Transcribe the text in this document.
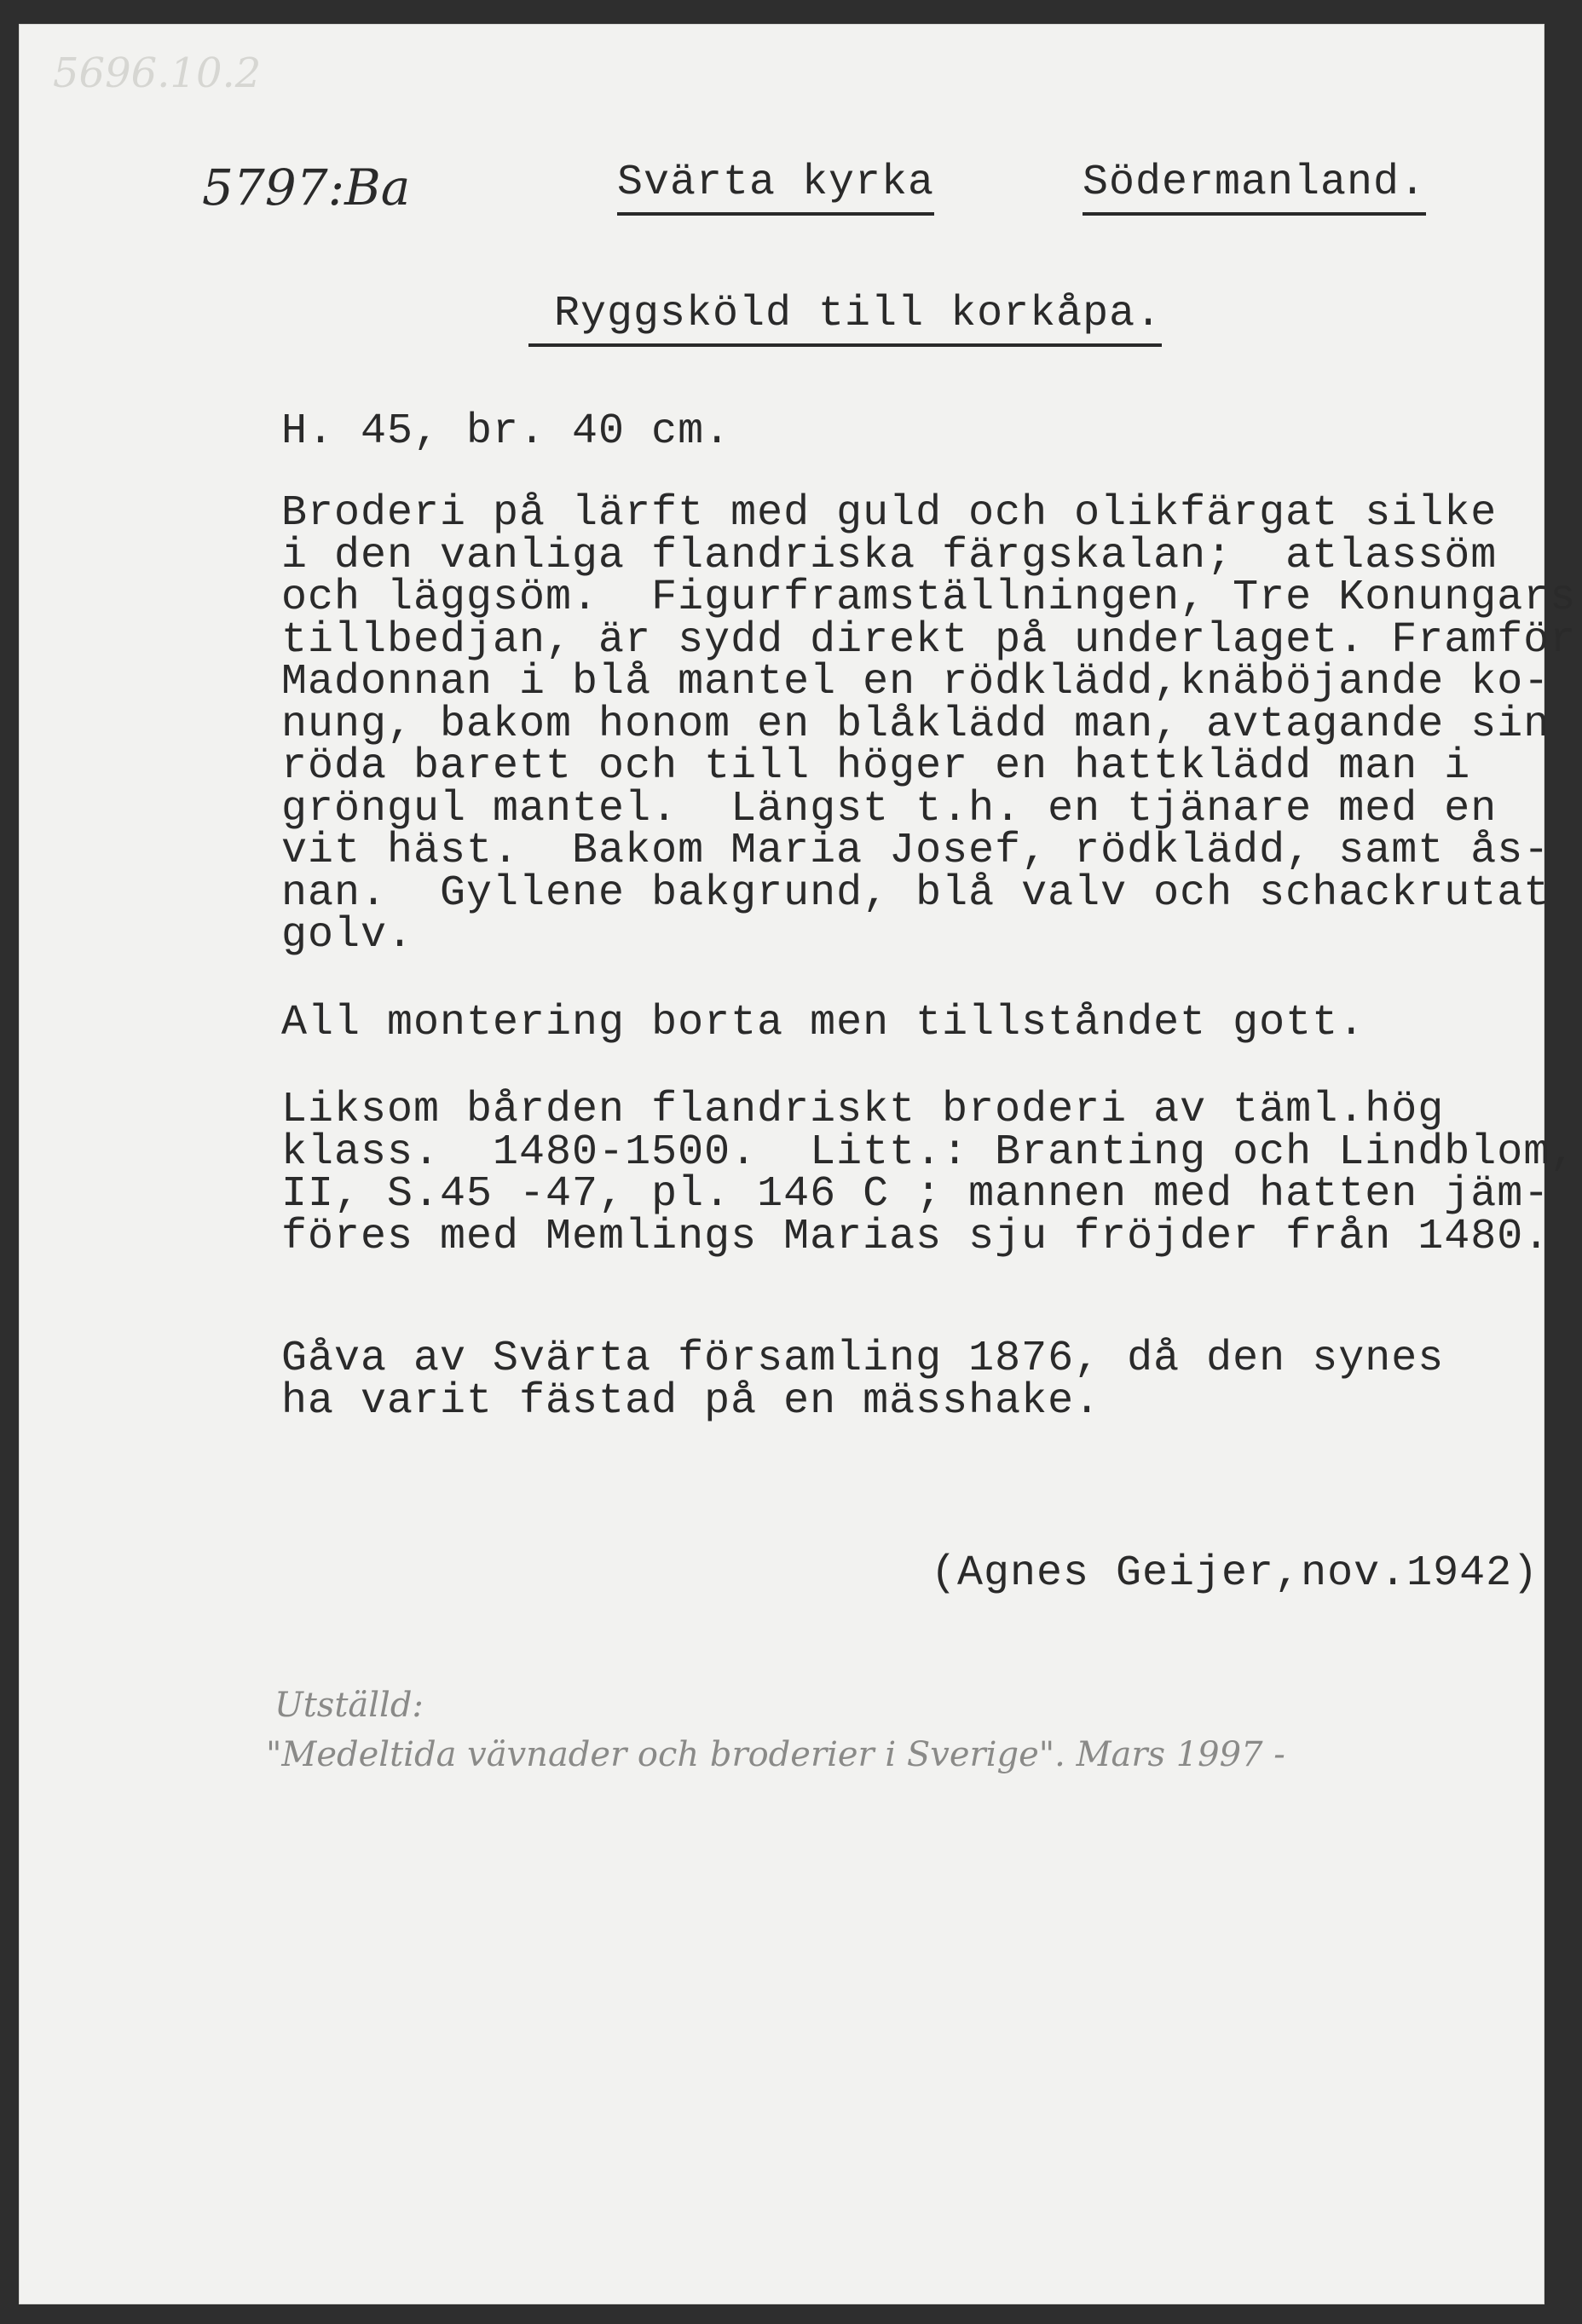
5696.10.2
5797:Ba	Svärta kyrka	Södermanland.
Ryggsköld till korkåpa.
H. 45, br. 40 cm.
Broderi på lärft med guld och olikfärgat silke
i den vanliga flandriska färgskalan;  atlassöm
och läggsöm.  Figurframställningen, Tre Konungars
tillbedjan, är sydd direkt på underlaget. Framför
Madonnan i blå mantel en rödklädd,knäböjande ko-
nung, bakom honom en blåklädd man, avtagande sin
röda barett och till höger en hattklädd man i
gröngul mantel.  Längst t.h. en tjänare med en
vit häst.  Bakom Maria Josef, rödklädd, samt ås-
nan.  Gyllene bakgrund, blå valv och schackrutat
golv.
All montering borta men tillståndet gott.
Liksom bården flandriskt broderi av täml.hög
klass.  1480-1500.  Litt.: Branting och Lindblom,
II, S.45 -47, pl. 146 C ; mannen med hatten jäm-
föres med Memlings Marias sju fröjder från 1480.
Gåva av Svärta församling 1876, då den synes
ha varit fästad på en mässhake.
(Agnes Geijer,nov.1942)
Utställd:
"Medeltida vävnader och broderier i Sverige". Mars 1997 -
